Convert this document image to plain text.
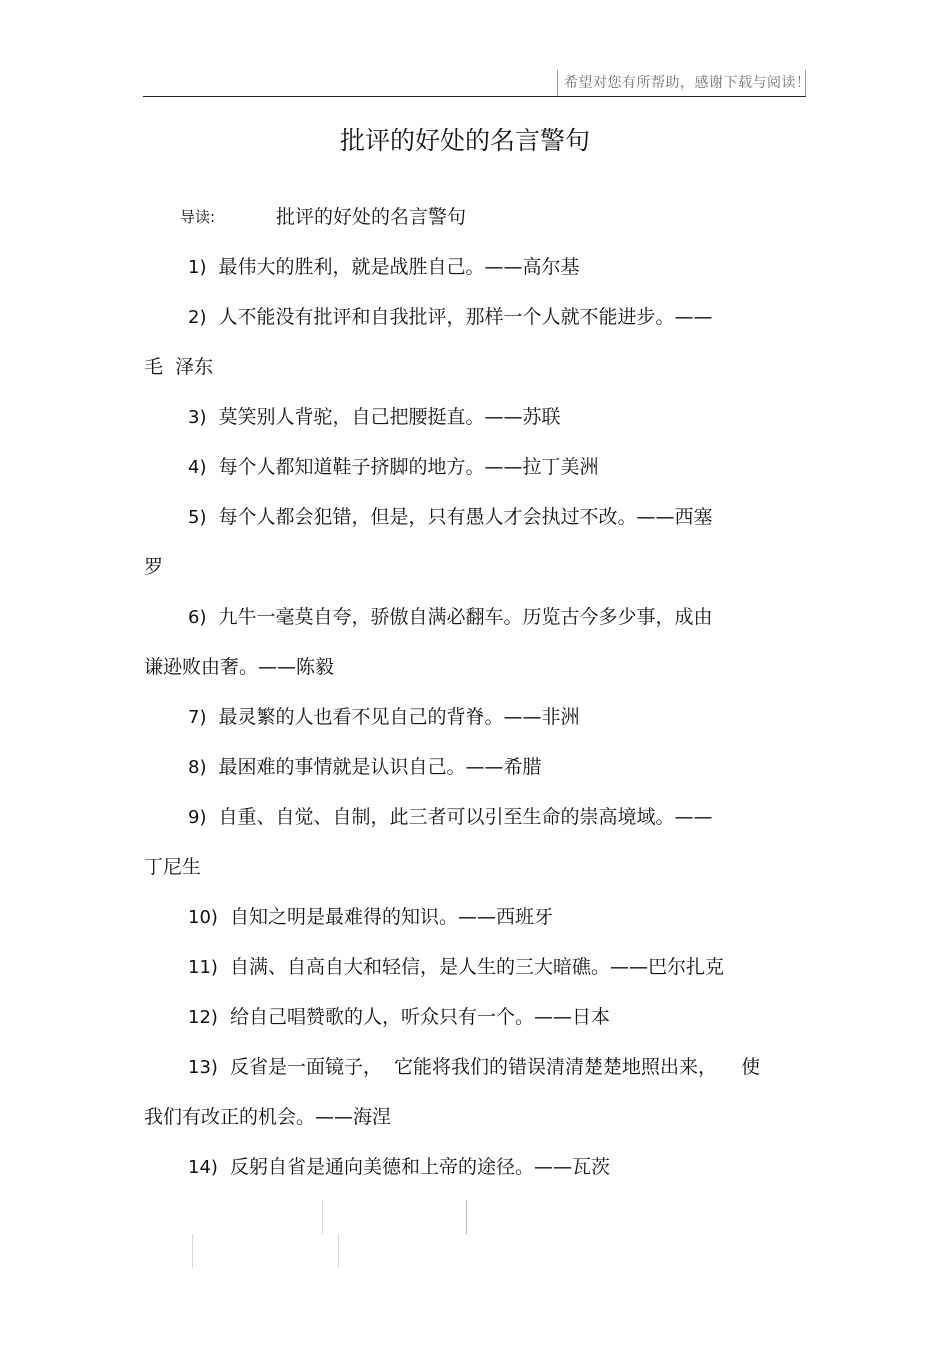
希望对您有所帮助，感谢下载与阅读！
批评的好处的名言警句
导读:	批评的好处的名言警句
1) 最伟大的胜利，就是战胜自己。——高尔基
2) 人不能没有批评和自我批评，那样一个人就不能进步。——
毛  泽东
3) 莫笑别人背驼，自己把腰挺直。——苏联
4) 每个人都知道鞋子挤脚的地方。——拉丁美洲
5) 每个人都会犯错，但是，只有愚人才会执过不改。——西塞
罗
6) 九牛一毫莫自夸，骄傲自满必翻车。历览古今多少事，成由
谦逊败由奢。——陈毅
7) 最灵繁的人也看不见自己的背脊。——非洲
8) 最困难的事情就是认识自己。——希腊
9) 自重、自觉、自制，此三者可以引至生命的崇高境域。——
丁尼生
10) 自知之明是最难得的知识。——西班牙
11) 自满、自高自大和轻信，是人生的三大暗礁。——巴尔扎克
12) 给自己唱赞歌的人，听众只有一个。——日本
13) 反省是一面镜子，  它能将我们的错误清清楚楚地照出来，    使
我们有改正的机会。——海涅
14) 反躬自省是通向美德和上帝的途径。——瓦茨
